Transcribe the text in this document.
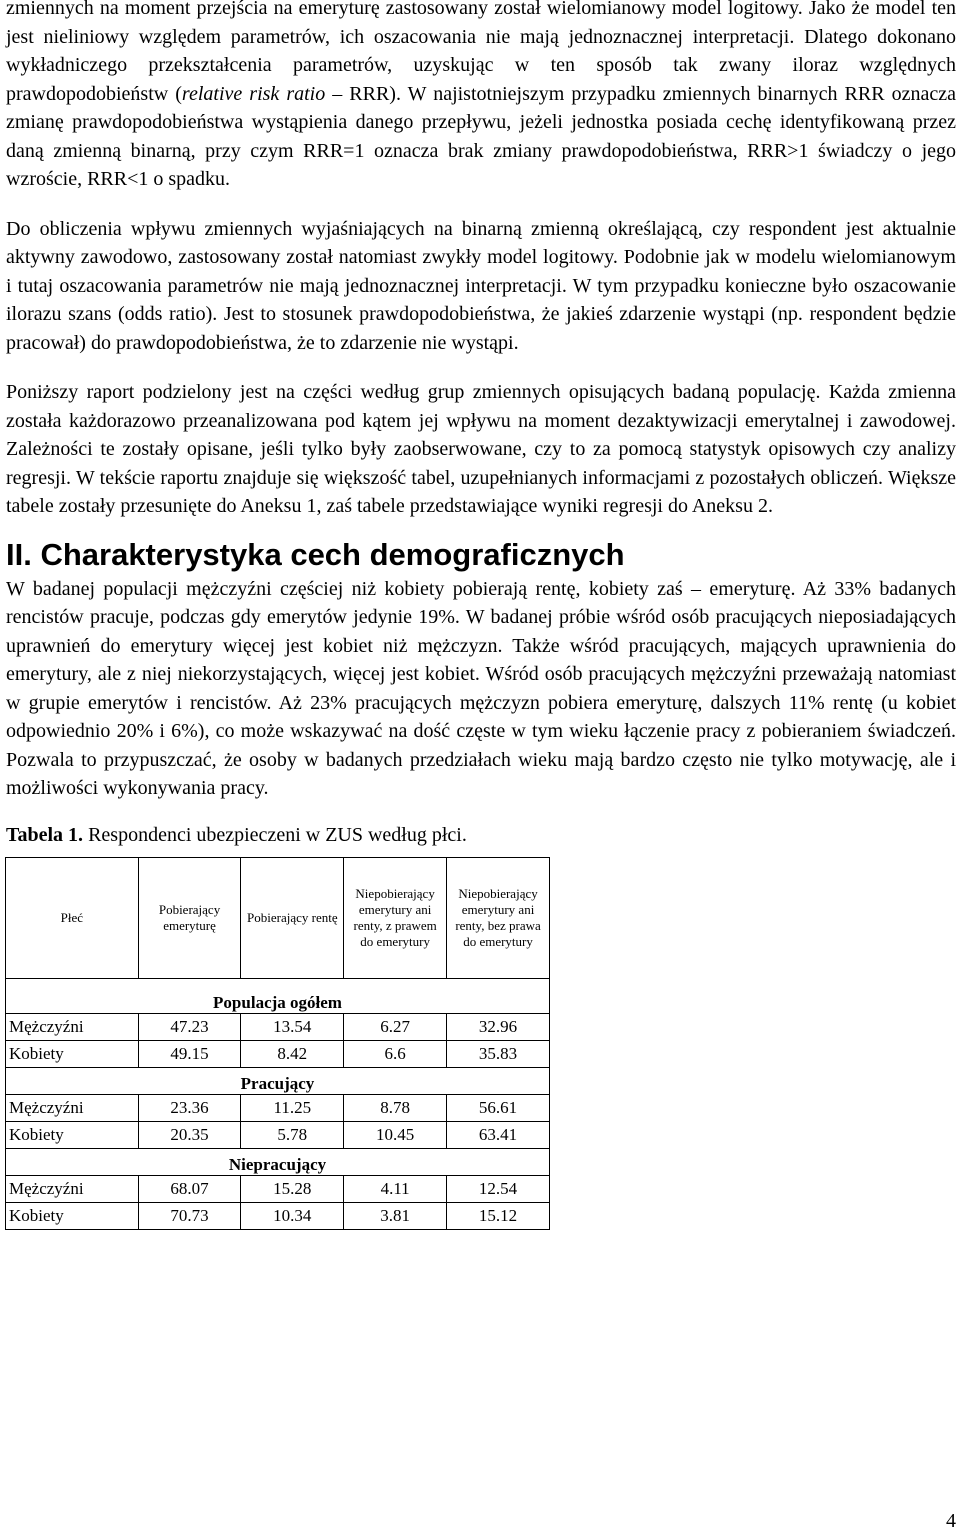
zmiennych na moment przejścia na emeryturę zastosowany został wielomianowy model logitowy. Jako że model ten jest nieliniowy względem parametrów, ich oszacowania nie mają jednoznacznej interpretacji. Dlatego dokonano wykładniczego przekształcenia parametrów, uzyskując w ten sposób tak zwany iloraz względnych prawdopodobieństw (relative risk ratio – RRR). W najistotniejszym przypadku zmiennych binarnych RRR oznacza zmianę prawdopodobieństwa wystąpienia danego przepływu, jeżeli jednostka posiada cechę identyfikowaną przez daną zmienną binarną, przy czym RRR=1 oznacza brak zmiany prawdopodobieństwa, RRR>1 świadczy o jego wzroście, RRR<1 o spadku.

Do obliczenia wpływu zmiennych wyjaśniających na binarną zmienną określającą, czy respondent jest aktualnie aktywny zawodowo, zastosowany został natomiast zwykły model logitowy. Podobnie jak w modelu wielomianowym i tutaj oszacowania parametrów nie mają jednoznacznej interpretacji. W tym przypadku konieczne było oszacowanie ilorazu szans (odds ratio). Jest to stosunek prawdopodobieństwa, że jakieś zdarzenie wystąpi (np. respondent będzie pracował) do prawdopodobieństwa, że to zdarzenie nie wystąpi.

Poniższy raport podzielony jest na części według grup zmiennych opisujących badaną populację. Każda zmienna została każdorazowo przeanalizowana pod kątem jej wpływu na moment dezaktywizacji emerytalnej i zawodowej. Zależności te zostały opisane, jeśli tylko były zaobserwowane, czy to za pomocą statystyk opisowych czy analizy regresji. W tekście raportu znajduje się większość tabel, uzupełnianych informacjami z pozostałych obliczeń. Większe tabele zostały przesunięte do Aneksu 1, zaś tabele przedstawiające wyniki regresji do Aneksu 2.

II. Charakterystyka cech demograficznych

W badanej populacji mężczyźni częściej niż kobiety pobierają rentę, kobiety zaś – emeryturę. Aż 33% badanych rencistów pracuje, podczas gdy emerytów jedynie 19%. W badanej próbie wśród osób pracujących nieposiadających uprawnień do emerytury więcej jest kobiet niż mężczyzn. Także wśród pracujących, mających uprawnienia do emerytury, ale z niej niekorzystających, więcej jest kobiet. Wśród osób pracujących mężczyźni przeważają natomiast w grupie emerytów i rencistów. Aż 23% pracujących mężczyzn pobiera emeryturę, dalszych 11% rentę (u kobiet odpowiednio 20% i 6%), co może wskazywać na dość częste w tym wieku łączenie pracy z pobieraniem świadczeń. Pozwala to przypuszczać, że osoby w badanych przedziałach wieku mają bardzo często nie tylko motywację, ale i możliwości wykonywania pracy.

Tabela 1. Respondenci ubezpieczeni w ZUS według płci.

Płeć	Pobierający emeryturę	Pobierający rentę	Niepobierający emerytury ani renty, z prawem do emerytury	Niepobierający emerytury ani renty, bez prawa do emerytury
Populacja ogółem				
Mężczyźni	47.23	13.54	6.27	32.96
Kobiety	49.15	8.42	6.6	35.83
Pracujący				
Mężczyźni	23.36	11.25	8.78	56.61
Kobiety	20.35	5.78	10.45	63.41
Niepracujący				
Mężczyźni	68.07	15.28	4.11	12.54
Kobiety	70.73	10.34	3.81	15.12
4
